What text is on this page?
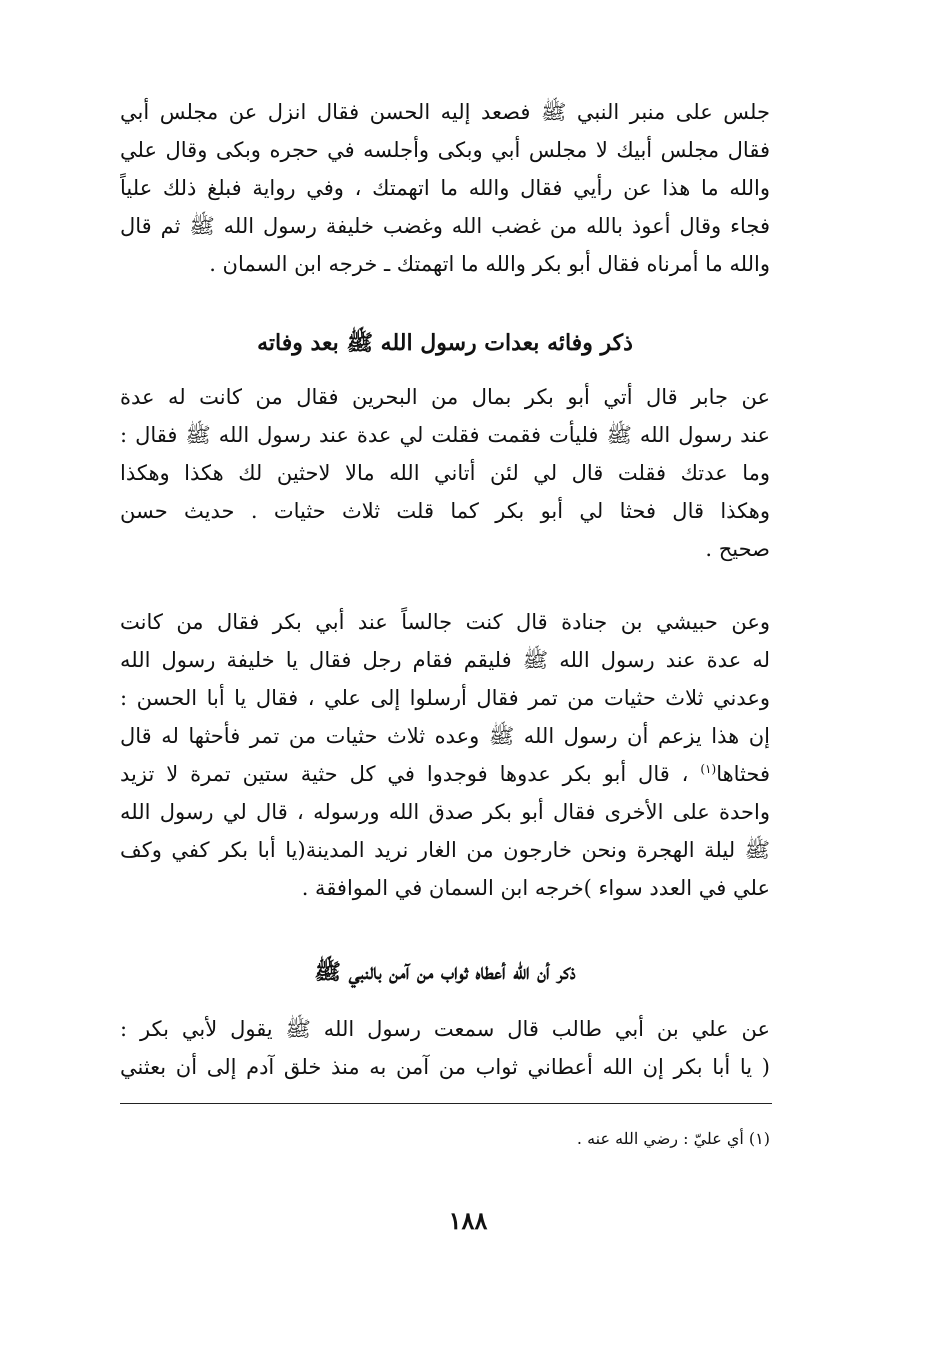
جلس على منبر النبي ﷺ فصعد إليه الحسن فقال انزل عن مجلس أبي
فقال مجلس أبيك لا مجلس أبي وبكى وأجلسه في حجره وبكى وقال علي
والله ما هذا عن رأيي فقال والله ما اتهمتك ، وفي رواية فبلغ ذلك علياً
فجاء وقال أعوذ بالله من غضب الله وغضب خليفة رسول الله ﷺ ثم قال
والله ما أمرناه فقال أبو بكر والله ما اتهمتك ـ خرجه ابن السمان .
ذكر وفائه بعدات رسول الله ﷺ بعد وفاته
عن جابر قال أتي أبو بكر بمال من البحرين فقال من كانت له عدة
عند رسول الله ﷺ فليأت فقمت فقلت لي عدة عند رسول الله ﷺ فقال :
وما عدتك فقلت قال لي لئن أتاني الله مالا لاحثين لك هكذا وهكذا
وهكذا قال فحثا لي أبو بكر كما قلت ثلاث حثيات . حديث حسن
صحيح .
وعن حبيشي بن جنادة قال كنت جالساً عند أبي بكر فقال من كانت
له عدة عند رسول الله ﷺ فليقم فقام رجل فقال يا خليفة رسول الله
وعدني ثلاث حثيات من تمر فقال أرسلوا إلى علي ، فقال يا أبا الحسن :
إن هذا يزعم أن رسول الله ﷺ وعده ثلاث حثيات من تمر فأحثها له قال
فحثاها$^{(١)}$ ، قال أبو بكر عدوها فوجدوا في كل حثية ستين تمرة لا تزيد
واحدة على الأخرى فقال أبو بكر صدق الله ورسوله ، قال لي رسول الله
ﷺ ليلة الهجرة ونحن خارجون من الغار نريد المدينة(يا أبا بكر كفي وكف
علي في العدد سواء )خرجه ابن السمان في الموافقة .
ذكر أن الله أعطاه ثواب من آمن بالنبي ﷺ
عن علي بن أبي طالب قال سمعت رسول الله ﷺ يقول لأبي بكر :
( يا أبا بكر إن الله أعطاني ثواب من آمن به منذ خلق آدم إلى أن بعثني
(١) أي عليّ : رضي الله عنه .
١٨٨
